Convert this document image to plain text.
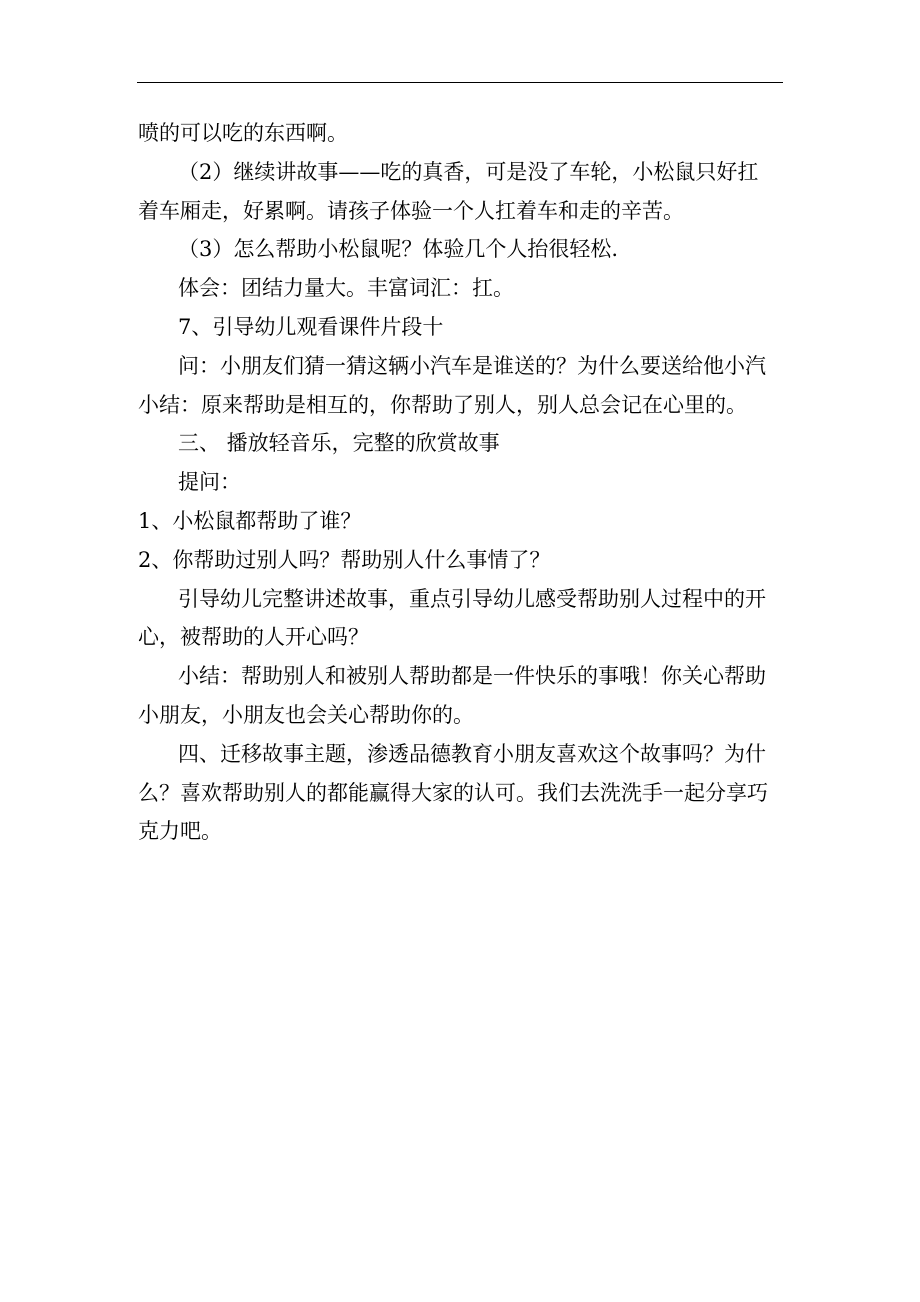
喷的可以吃的东西啊。
（2）继续讲故事——吃的真香，可是没了车轮，小松鼠只好扛
着车厢走，好累啊。请孩子体验一个人扛着车和走的辛苦。
（3）怎么帮助小松鼠呢？体验几个人抬很轻松.
体会：团结力量大。丰富词汇：扛。
7、引导幼儿观看课件片段十
问：小朋友们猜一猜这辆小汽车是谁送的？为什么要送给他小汽
小结：原来帮助是相互的，你帮助了别人，别人总会记在心里的。
三、 播放轻音乐，完整的欣赏故事
提问：
1、小松鼠都帮助了谁？
2、你帮助过别人吗？帮助别人什么事情了？
引导幼儿完整讲述故事，重点引导幼儿感受帮助别人过程中的开
心，被帮助的人开心吗？
小结：帮助别人和被别人帮助都是一件快乐的事哦！你关心帮助
小朋友，小朋友也会关心帮助你的。
四、迁移故事主题，渗透品德教育小朋友喜欢这个故事吗？为什
么？喜欢帮助别人的都能赢得大家的认可。我们去洗洗手一起分享巧
克力吧。
